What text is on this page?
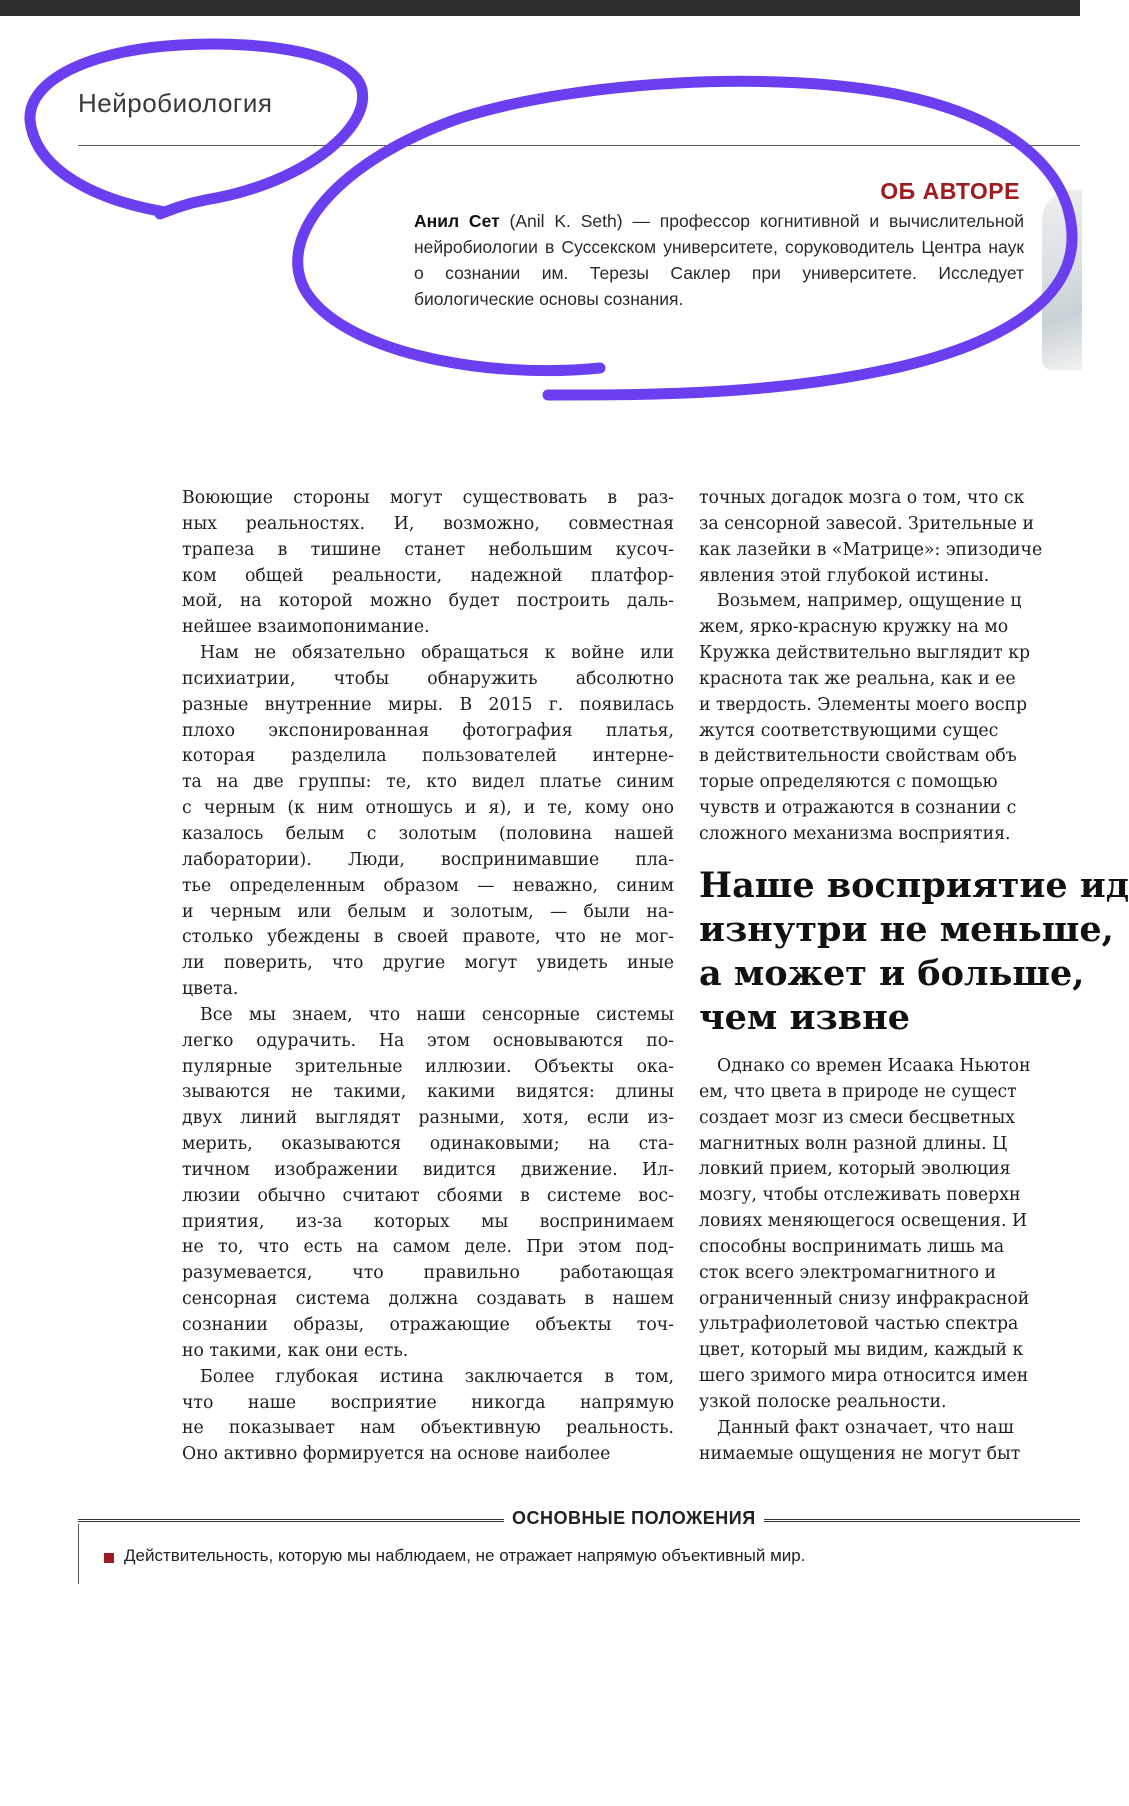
Нейробиология
ОБ АВТОРЕ
Анил Сет (Anil K. Seth) — профессор когнитивной и вычислительной нейробиологии в Суссекском университете, соруководитель Центра наук о сознании им. Терезы Саклер при университете. Исследует биологические основы сознания.
Воюющие стороны могут существовать в раз-
ных реальностях. И, возможно, совместная
трапеза в тишине станет небольшим кусоч-
ком общей реальности, надежной платфор-
мой, на которой можно будет построить даль-
нейшее взаимопонимание.
Нам не обязательно обращаться к войне или
психиатрии, чтобы обнаружить абсолютно
разные внутренние миры. В 2015 г. появилась
плохо экспонированная фотография платья,
которая разделила пользователей интерне-
та на две группы: те, кто видел платье синим
с черным (к ним отношусь и я), и те, кому оно
казалось белым с золотым (половина нашей
лаборатории). Люди, воспринимавшие пла-
тье определенным образом — неважно, синим
и черным или белым и золотым, — были на-
столько убеждены в своей правоте, что не мог-
ли поверить, что другие могут увидеть иные
цвета.
Все мы знаем, что наши сенсорные системы
легко одурачить. На этом основываются по-
пулярные зрительные иллюзии. Объекты ока-
зываются не такими, какими видятся: длины
двух линий выглядят разными, хотя, если из-
мерить, оказываются одинаковыми; на ста-
тичном изображении видится движение. Ил-
люзии обычно считают сбоями в системе вос-
приятия, из-за которых мы воспринимаем
не то, что есть на самом деле. При этом под-
разумевается, что правильно работающая
сенсорная система должна создавать в нашем
сознании образы, отражающие объекты точ-
но такими, как они есть.
Более глубокая истина заключается в том,
что наше восприятие никогда напрямую
не показывает нам объективную реальность.
Оно активно формируется на основе наиболее
точных догадок мозга о том, что ск
за сенсорной завесой. Зрительные и
как лазейки в «Матрице»: эпизодиче
явления этой глубокой истины.
Возьмем, например, ощущение ц
жем, ярко-красную кружку на мо
Кружка действительно выглядит кр
краснота так же реальна, как и ее
и твердость. Элементы моего воспр
жутся соответствующими сущес
в действительности свойствам объ
торые определяются с помощью
чувств и отражаются в сознании с
сложного механизма восприятия.
Наше восприятие ид
изнутри не меньше,
а может и больше,
чем извне
Однако со времен Исаака Ньютон
ем, что цвета в природе не сущест
создает мозг из смеси бесцветных
магнитных волн разной длины. Ц
ловкий прием, который эволюция
мозгу, чтобы отслеживать поверхн
ловиях меняющегося освещения. И
способны воспринимать лишь ма
сток всего электромагнитного и
ограниченный снизу инфракрасной
ультрафиолетовой частью спектра
цвет, который мы видим, каждый к
шего зримого мира относится имен
узкой полоске реальности.
Данный факт означает, что наш
нимаемые ощущения не могут быт
ОСНОВНЫЕ ПОЛОЖЕНИЯ
Действительность, которую мы наблюдаем, не отражает напрямую объективный мир.
